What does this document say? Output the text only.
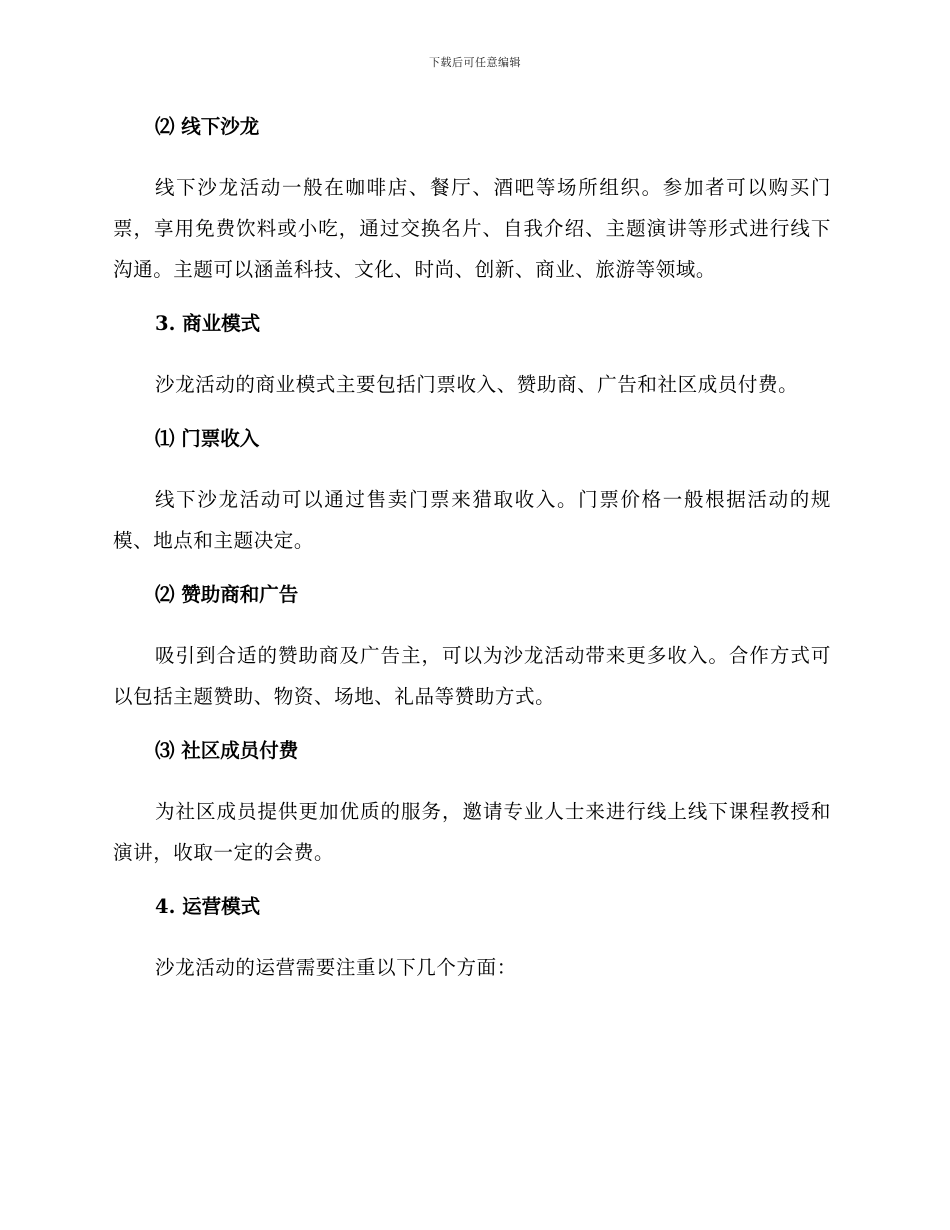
下载后可任意编辑
⑵ 线下沙龙

线下沙龙活动一般在咖啡店、餐厅、酒吧等场所组织。参加者可以购买门票，享用免费饮料或小吃，通过交换名片、自我介绍、主题演讲等形式进行线下沟通。主题可以涵盖科技、文化、时尚、创新、商业、旅游等领域。

3. 商业模式

沙龙活动的商业模式主要包括门票收入、赞助商、广告和社区成员付费。

⑴ 门票收入

线下沙龙活动可以通过售卖门票来猎取收入。门票价格一般根据活动的规模、地点和主题决定。

⑵ 赞助商和广告

吸引到合适的赞助商及广告主，可以为沙龙活动带来更多收入。合作方式可以包括主题赞助、物资、场地、礼品等赞助方式。

⑶ 社区成员付费

为社区成员提供更加优质的服务，邀请专业人士来进行线上线下课程教授和演讲，收取一定的会费。

4. 运营模式

沙龙活动的运营需要注重以下几个方面：
